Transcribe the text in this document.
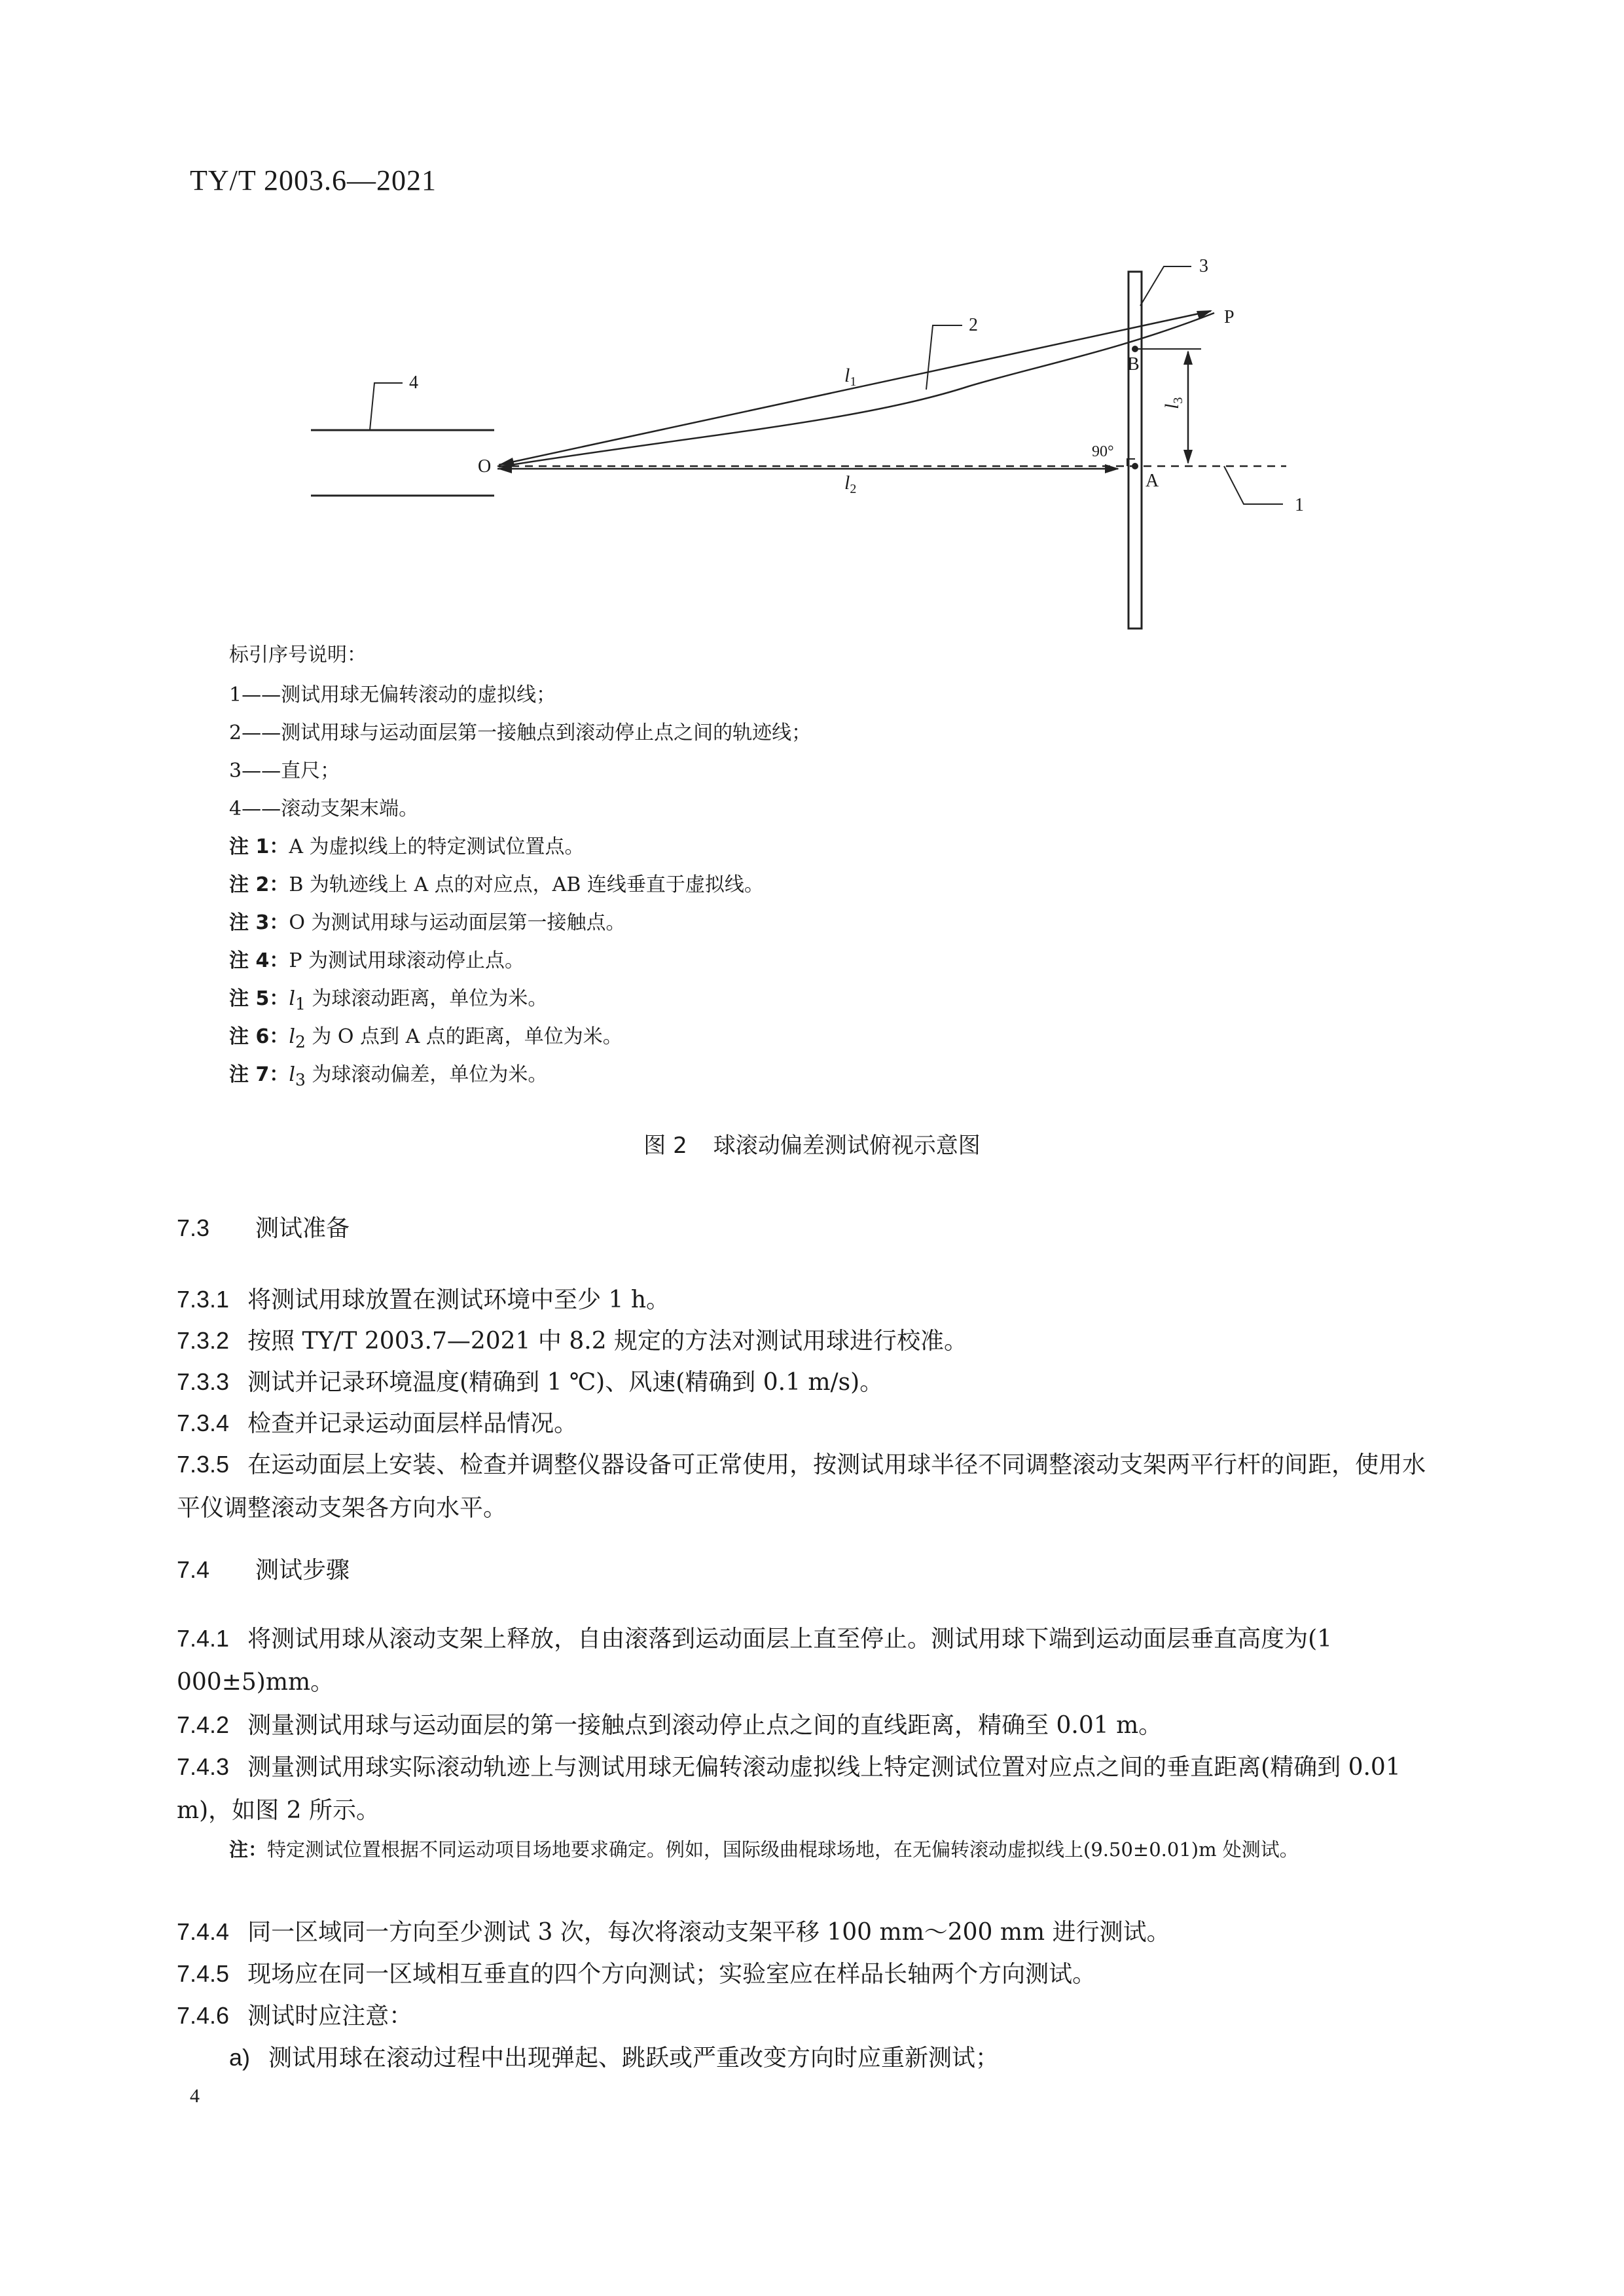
TY/T 2003.6—2021
O
A
B
P
90°
$l_1$
$l_2$
$l_3$
1
2
3
4
标引序号说明：
1——测试用球无偏转滚动的虚拟线；
2——测试用球与运动面层第一接触点到滚动停止点之间的轨迹线；
3——直尺；
4——滚动支架末端。
注 1：A 为虚拟线上的特定测试位置点。
注 2：B 为轨迹线上 A 点的对应点，AB 连线垂直于虚拟线。
注 3：O 为测试用球与运动面层第一接触点。
注 4：P 为测试用球滚动停止点。
注 5：$l_1$ 为球滚动距离，单位为米。
注 6：$l_2$ 为 O 点到 A 点的距离，单位为米。
注 7：$l_3$ 为球滚动偏差，单位为米。
图 2 球滚动偏差测试俯视示意图
7.3 测试准备
7.3.1 将测试用球放置在测试环境中至少 1 h。
7.3.2 按照 TY/T 2003.7—2021 中 8.2 规定的方法对测试用球进行校准。
7.3.3 测试并记录环境温度(精确到 1 ℃)、风速(精确到 0.1 m/s)。
7.3.4 检查并记录运动面层样品情况。
7.3.5 在运动面层上安装、检查并调整仪器设备可正常使用，按测试用球半径不同调整滚动支架两平行杆的间距，使用水平仪调整滚动支架各方向水平。
7.4 测试步骤
7.4.1 将测试用球从滚动支架上释放，自由滚落到运动面层上直至停止。测试用球下端到运动面层垂直高度为(1 000±5)mm。
7.4.2 测量测试用球与运动面层的第一接触点到滚动停止点之间的直线距离，精确至 0.01 m。
7.4.3 测量测试用球实际滚动轨迹上与测试用球无偏转滚动虚拟线上特定测试位置对应点之间的垂直距离(精确到 0.01 m)，如图 2 所示。
注：特定测试位置根据不同运动项目场地要求确定。例如，国际级曲棍球场地，在无偏转滚动虚拟线上(9.50±0.01)m 处测试。
7.4.4 同一区域同一方向至少测试 3 次，每次将滚动支架平移 100 mm～200 mm 进行测试。
7.4.5 现场应在同一区域相互垂直的四个方向测试；实验室应在样品长轴两个方向测试。
7.4.6 测试时应注意：
a) 测试用球在滚动过程中出现弹起、跳跃或严重改变方向时应重新测试；
4
